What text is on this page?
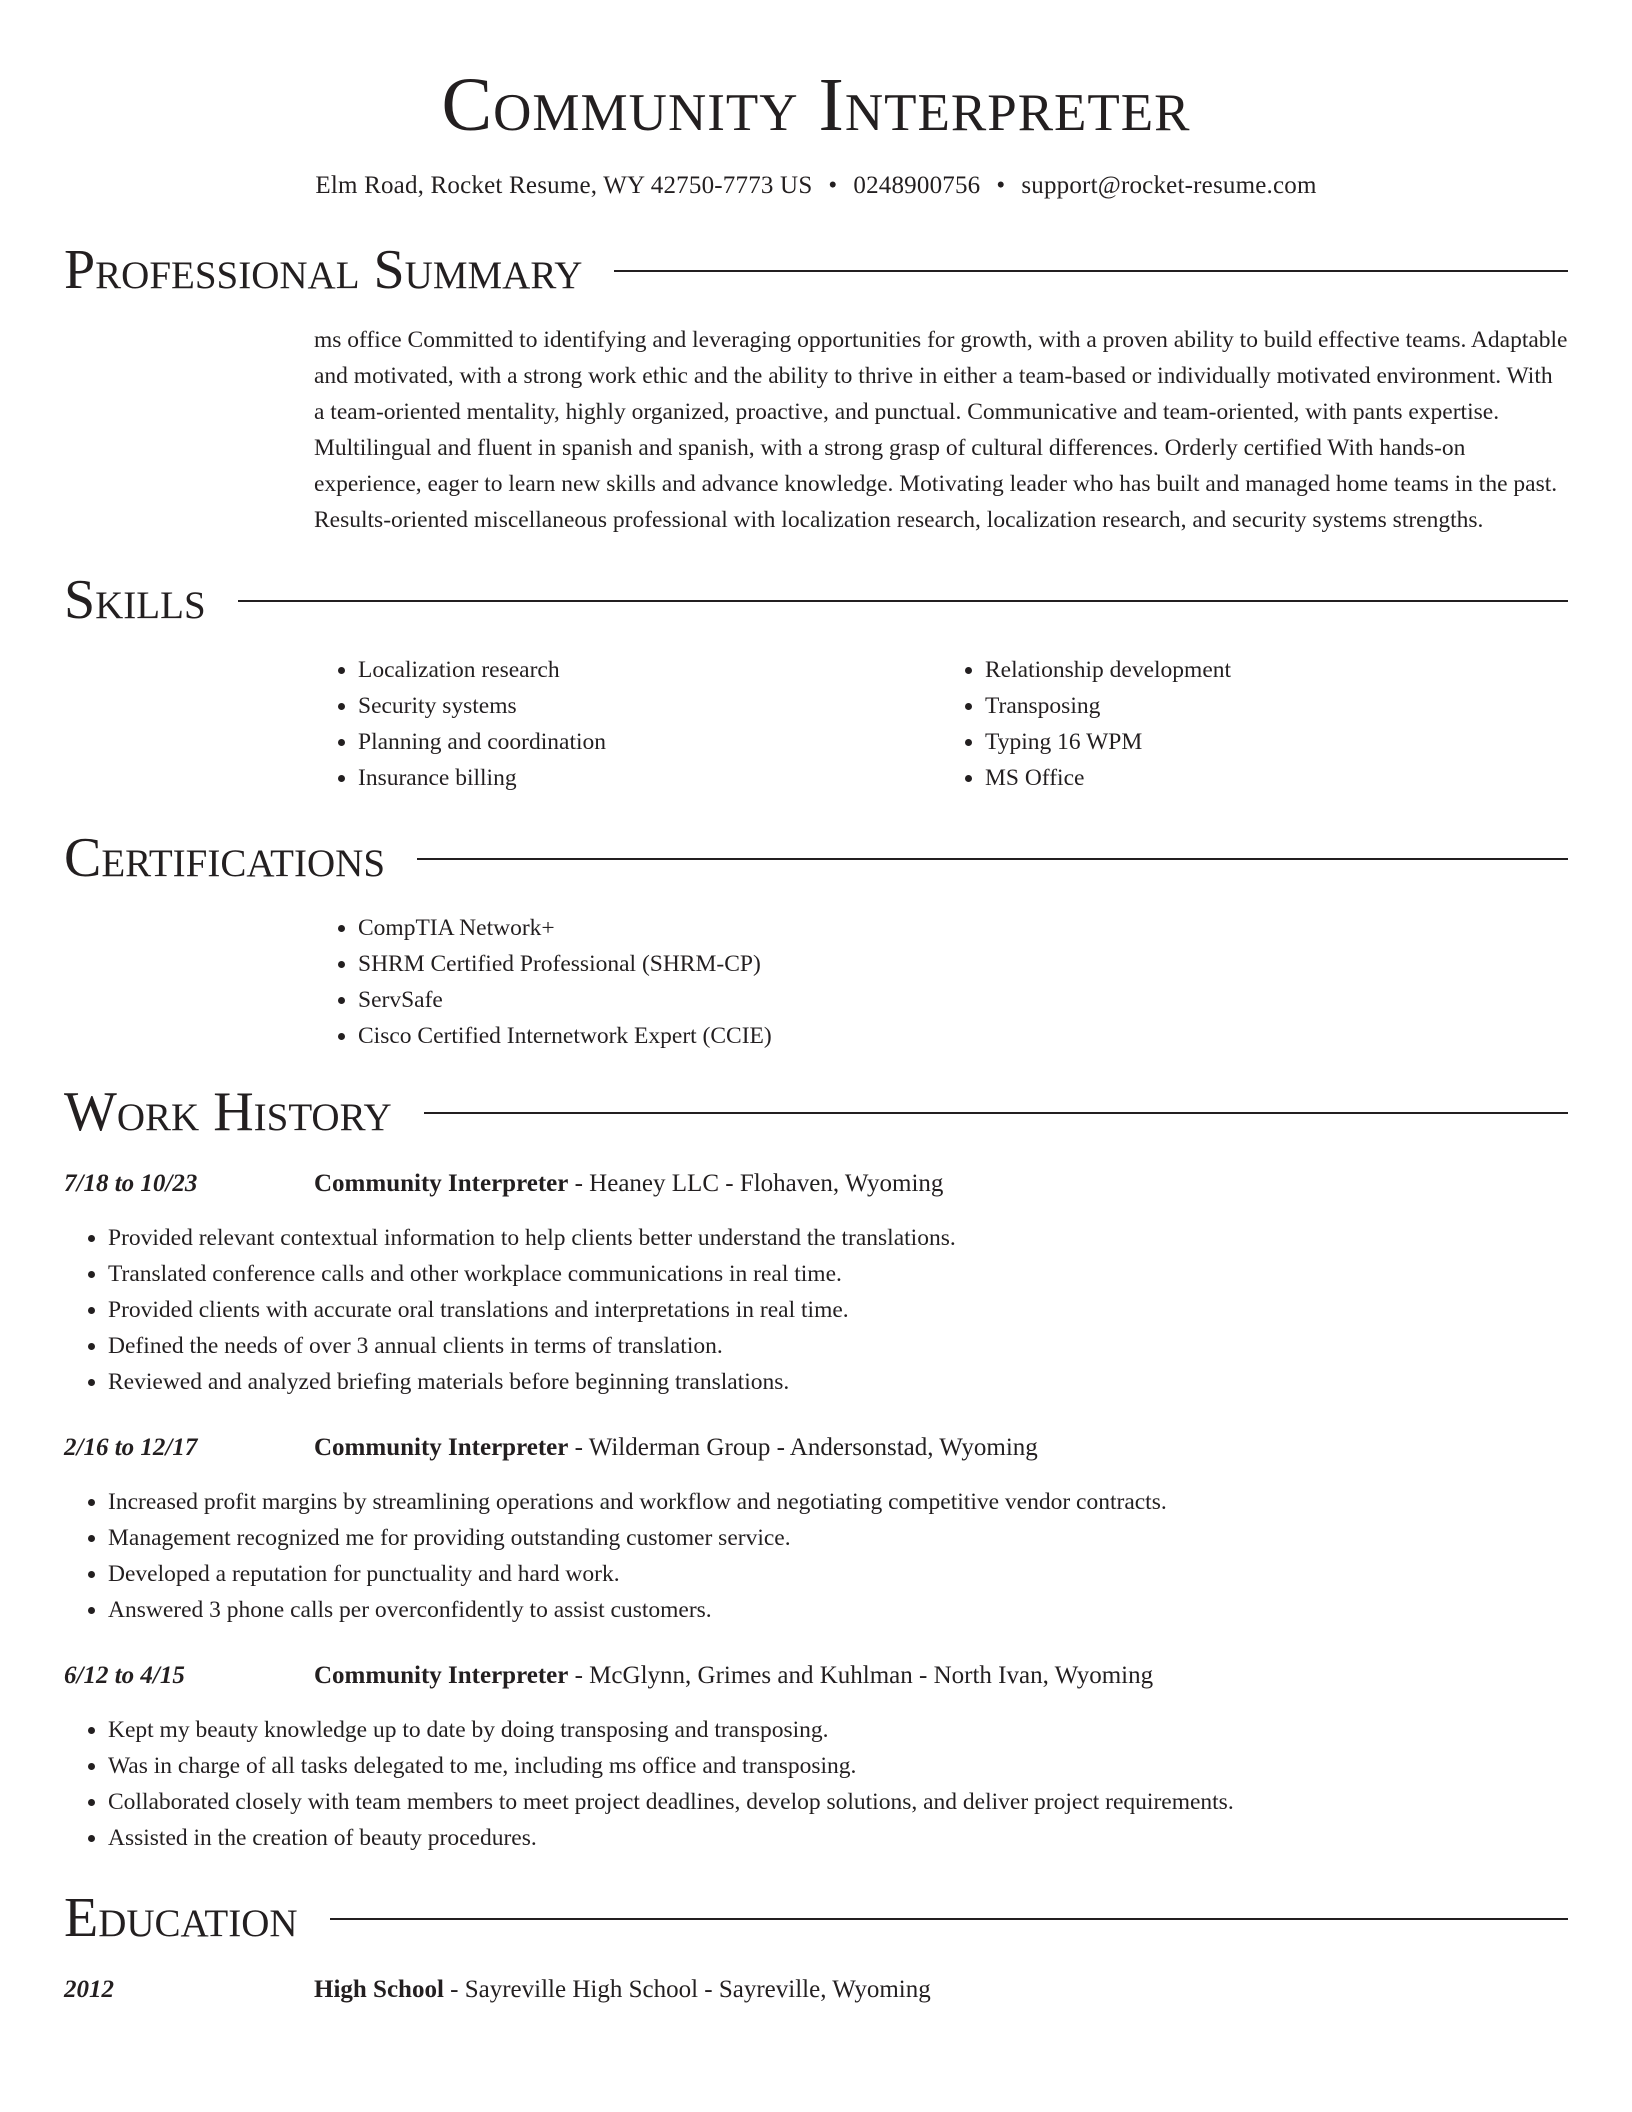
Community Interpreter
Elm Road, Rocket Resume, WY 42750-7773 US • 0248900756 • support@rocket-resume.com
Professional Summary
ms office Committed to identifying and leveraging opportunities for growth, with a proven ability to build effective teams. Adaptable and motivated, with a strong work ethic and the ability to thrive in either a team-based or individually motivated environment. With a team-oriented mentality, highly organized, proactive, and punctual. Communicative and team-oriented, with pants expertise. Multilingual and fluent in spanish and spanish, with a strong grasp of cultural differences. Orderly certified With hands-on experience, eager to learn new skills and advance knowledge. Motivating leader who has built and managed home teams in the past. Results-oriented miscellaneous professional with localization research, localization research, and security systems strengths.
Skills
• Localization research
• Security systems
• Planning and coordination
• Insurance billing
• Relationship development
• Transposing
• Typing 16 WPM
• MS Office
Certifications
• CompTIA Network+
• SHRM Certified Professional (SHRM-CP)
• ServSafe
• Cisco Certified Internetwork Expert (CCIE)
Work History
7/18 to 10/23	Community Interpreter - Heaney LLC - Flohaven, Wyoming
• Provided relevant contextual information to help clients better understand the translations.
• Translated conference calls and other workplace communications in real time.
• Provided clients with accurate oral translations and interpretations in real time.
• Defined the needs of over 3 annual clients in terms of translation.
• Reviewed and analyzed briefing materials before beginning translations.
2/16 to 12/17	Community Interpreter - Wilderman Group - Andersonstad, Wyoming
• Increased profit margins by streamlining operations and workflow and negotiating competitive vendor contracts.
• Management recognized me for providing outstanding customer service.
• Developed a reputation for punctuality and hard work.
• Answered 3 phone calls per overconfidently to assist customers.
6/12 to 4/15	Community Interpreter - McGlynn, Grimes and Kuhlman - North Ivan, Wyoming
• Kept my beauty knowledge up to date by doing transposing and transposing.
• Was in charge of all tasks delegated to me, including ms office and transposing.
• Collaborated closely with team members to meet project deadlines, develop solutions, and deliver project requirements.
• Assisted in the creation of beauty procedures.
Education
2012	High School - Sayreville High School - Sayreville, Wyoming
